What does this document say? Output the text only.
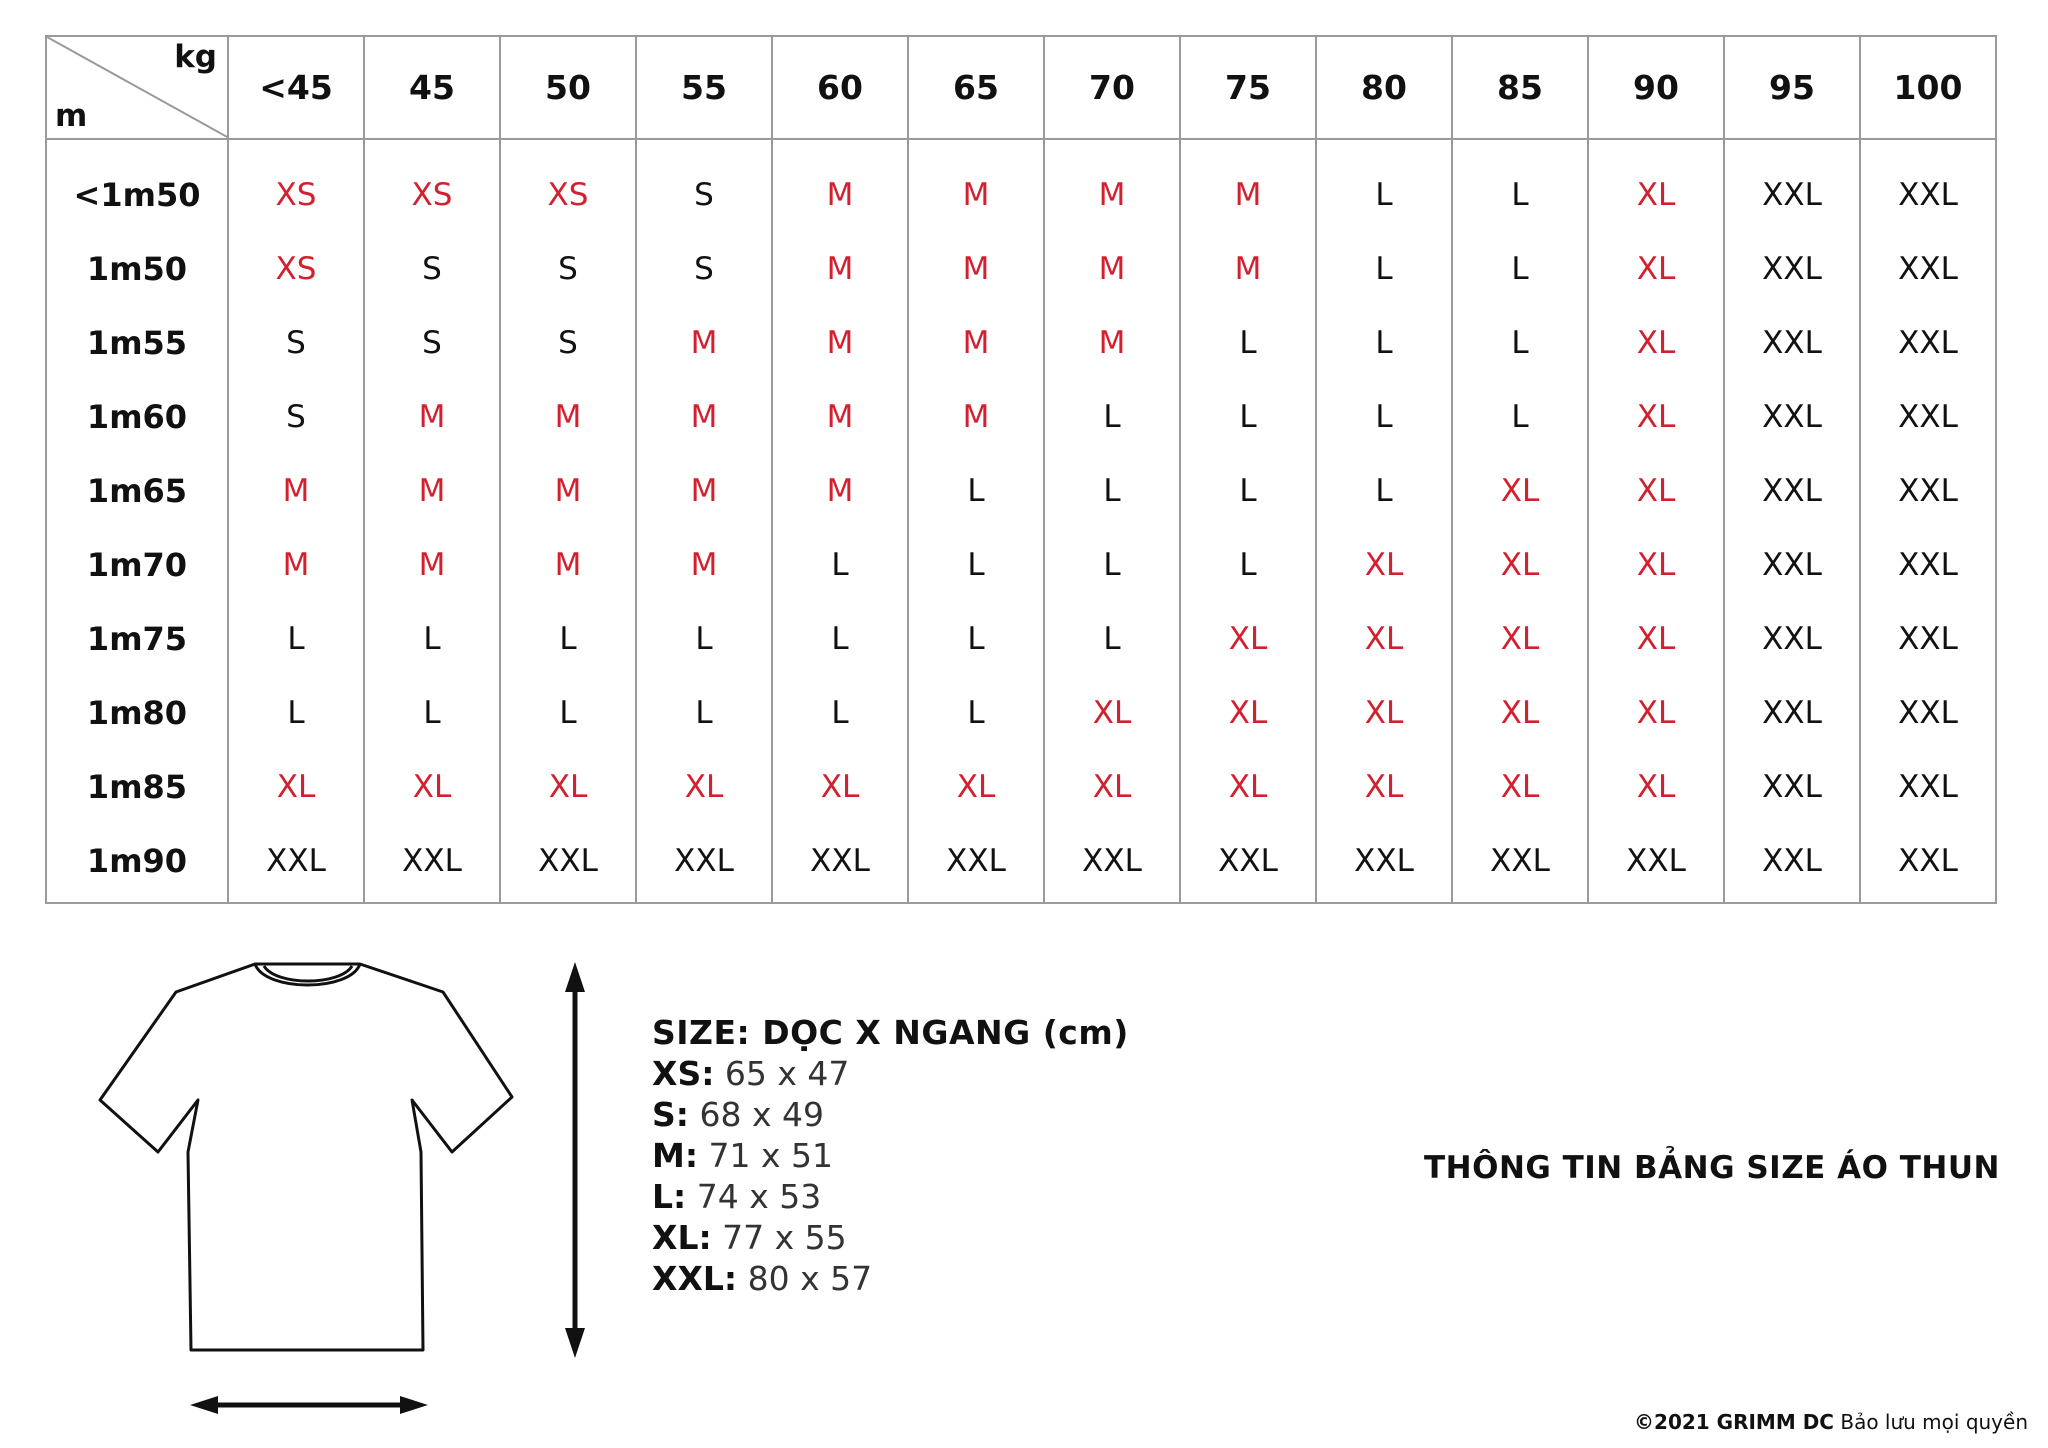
kg
m	<45	45	50	55	60	65	70	75	80	85	90	95	100

<1m50	XS	XS	XS	S	M	M	M	M	L	L	XL	XXL	XXL
1m50	XS	S	S	S	M	M	M	M	L	L	XL	XXL	XXL
1m55	S	S	S	M	M	M	M	L	L	L	XL	XXL	XXL
1m60	S	M	M	M	M	M	L	L	L	L	XL	XXL	XXL
1m65	M	M	M	M	M	L	L	L	L	XL	XL	XXL	XXL
1m70	M	M	M	M	L	L	L	L	XL	XL	XL	XXL	XXL
1m75	L	L	L	L	L	L	L	XL	XL	XL	XL	XXL	XXL
1m80	L	L	L	L	L	L	XL	XL	XL	XL	XL	XXL	XXL
1m85	XL	XL	XL	XL	XL	XL	XL	XL	XL	XL	XL	XXL	XXL
1m90	XXL	XXL	XXL	XXL	XXL	XXL	XXL	XXL	XXL	XXL	XXL	XXL	XXL

SIZE: DỌC X NGANG (cm)
XS: 65 x 47
S: 68 x 49
M: 71 x 51
L: 74 x 53
XL: 77 x 55
XXL: 80 x 57
THÔNG TIN BẢNG SIZE ÁO THUN
©2021 GRIMM DC Bảo lưu mọi quyền
